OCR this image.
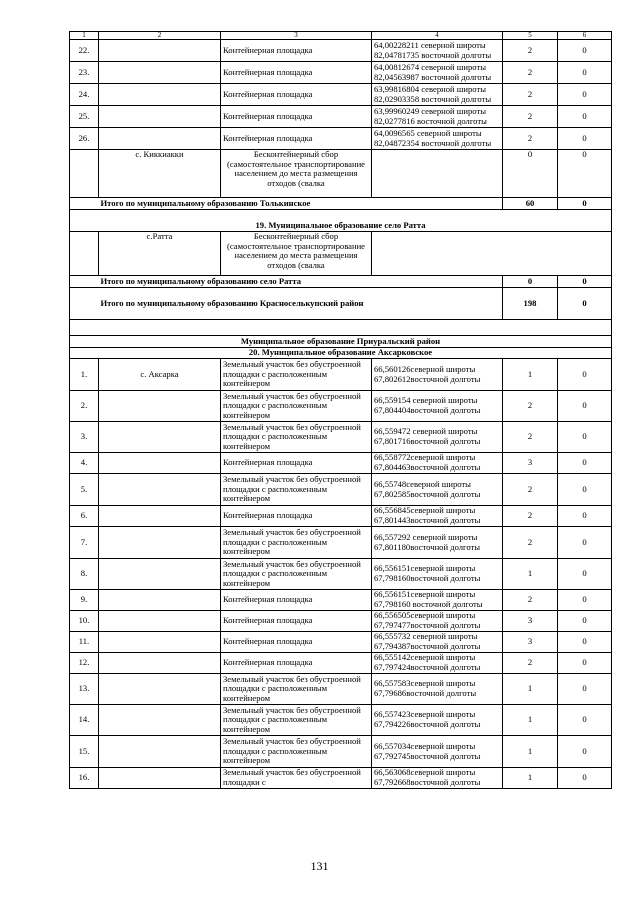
1	2	3	4	5	6
22.		Контейнерная площадка	64,00228211 северной широты
82,04781735 восточной долготы	2	0
23.		Контейнерная площадка	64,00812674 северной широты
82,04563987 восточной долготы	2	0
24.		Контейнерная площадка	63,99816804 северной широты
82,02903358 восточной долготы	2	0
25.		Контейнерная площадка	63,99960249 северной широты
82,0277816 восточной долготы	2	0
26.		Контейнерная площадка	64,0096565 северной широты
82,04872354 восточной долготы	2	0
	с. Киккиакки	Бесконтейнерный сбор (самостоятельное транспортирование населением до места размещения отходов (свалка		0	0
	Итого по муниципальному образованию Толькинское			60	0
19. Муниципальное образование село Ратта					
	с.Ратта	Бесконтейнерный сбор (самостоятельное транспортирование населением до места размещения отходов (свалка			
	Итого по муниципальному образованию село Ратта			0	0
	Итого по муниципальному образованию Красноселькупский район			198	0

Муниципальное образование Приуральский район					
20. Муниципальное образование Аксарковское					
1.	с. Аксарка	Земельный участок без обустроенной площадки с расположенным контейнером	66,560126северной широты
67,802612восточной долготы	1	0
2.		Земельный участок без обустроенной площадки с расположенным контейнером	66,559154 северной широты
67,804404восточной долготы	2	0
3.		Земельный участок без обустроенной площадки с расположенным контейнером	66,559472 северной широты
67,801716восточной долготы	2	0
4.		Контейнерная площадка	66,558772северной широты
67,804463восточной долготы	3	0
5.		Земельный участок без обустроенной площадки с расположенным контейнером	66,55748северной широты
67,802585восточной долготы	2	0
6.		Контейнерная площадка	66,556845северной широты
67,801443восточной долготы	2	0
7.		Земельный участок без обустроенной площадки с расположенным контейнером	66,557292 северной широты
67,801180восточной долготы	2	0
8.		Земельный участок без обустроенной площадки с расположенным контейнером	66,556151северной широты
67,798160восточной долготы	1	0
9.		Контейнерная площадка	66,556151северной широты
67,798160 восточной долготы	2	0
10.		Контейнерная площадка	66,556505северной широты
67,797477восточной долготы	3	0
11.		Контейнерная площадка	66,555732 северной широты
67,794387восточной долготы	3	0
12.		Контейнерная площадка	66,555142северной широты
67,797424восточной долготы	2	0
13.		Земельный участок без обустроенной площадки с расположенным контейнером	66,557583северной широты
67,79686восточной долготы	1	0
14.		Земельный участок без обустроенной площадки с расположенным контейнером	66,557423северной широты
67,794226восточной долготы	1	0
15.		Земельный участок без обустроенной площадки с расположенным контейнером	66,557034северной широты
67,792745восточной долготы	1	0
16.		Земельный участок без обустроенной площадки с	66,563068северной широты
67,792668восточной долготы	1	0
131
